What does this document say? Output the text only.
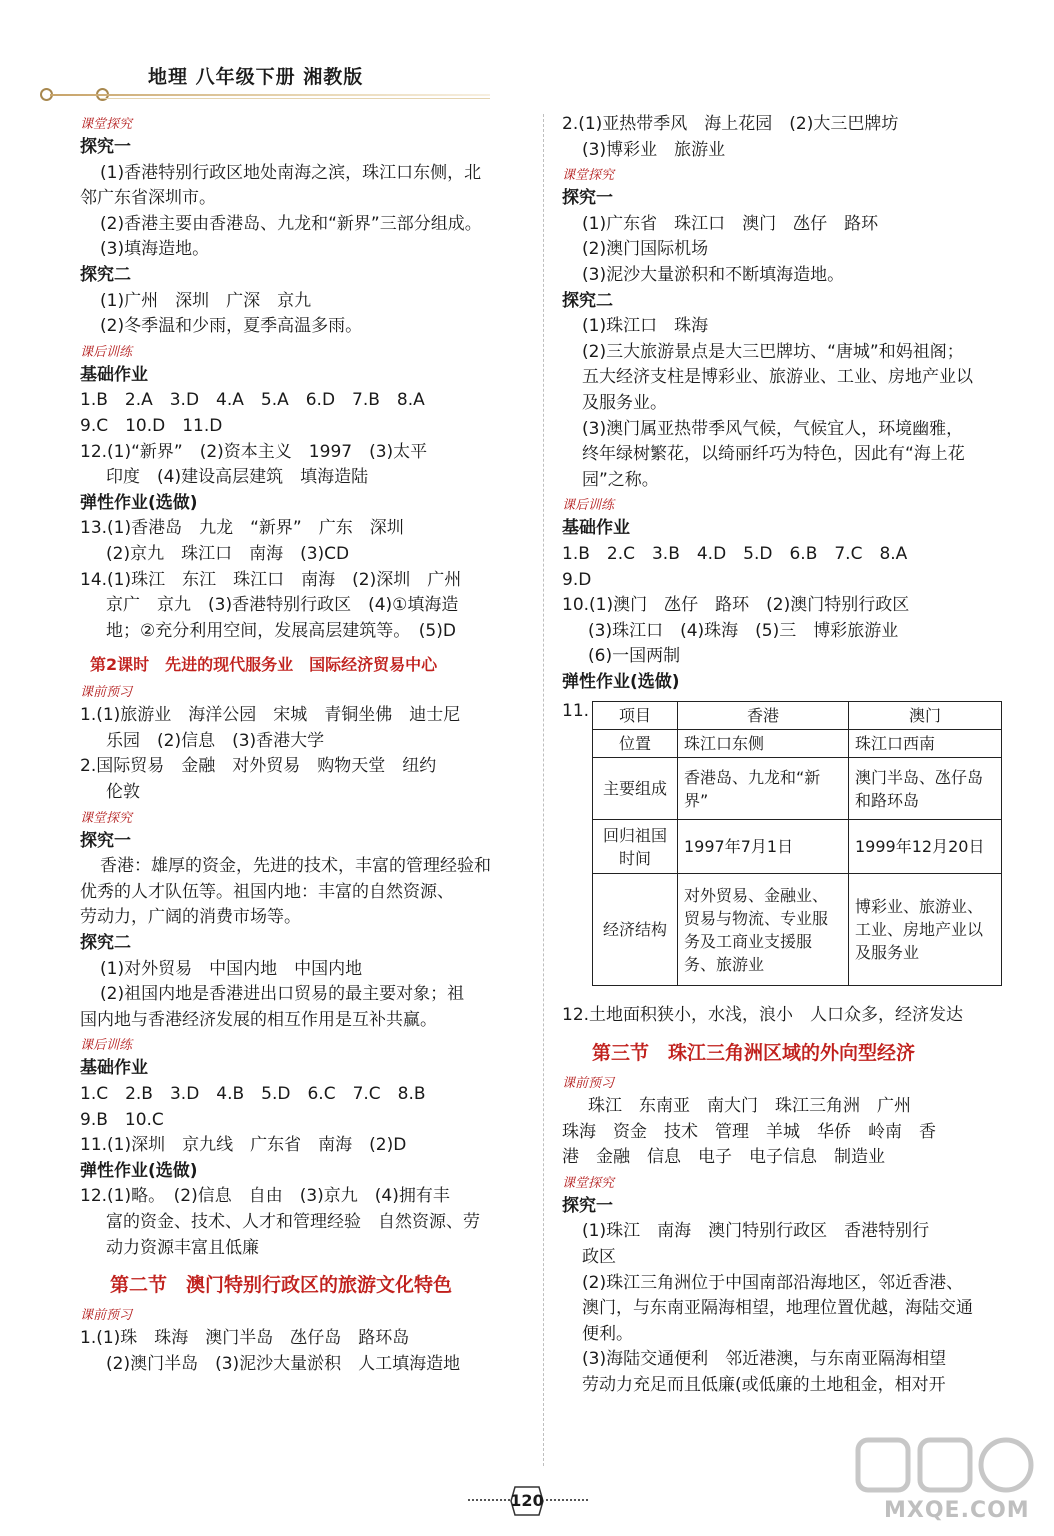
地理 八年级下册 湘教版
课堂探究
探究一
(1)香港特别行政区地处南海之滨，珠江口东侧，北
邻广东省深圳市。
(2)香港主要由香港岛、九龙和“新界”三部分组成。
(3)填海造地。
探究二
(1)广州　深圳　广深　京九
(2)冬季温和少雨，夏季高温多雨。
课后训练
基础作业
1.B　2.A　3.D　4.A　5.A　6.D　7.B　8.A
9.C　10.D　11.D
12.(1)“新界”　(2)资本主义　1997　(3)太平
印度　(4)建设高层建筑　填海造陆
弹性作业(选做)
13.(1)香港岛　九龙　“新界”　广东　深圳
(2)京九　珠江口　南海　(3)CD
14.(1)珠江　东江　珠江口　南海　(2)深圳　广州
京广　京九　(3)香港特别行政区　(4)①填海造
地；②充分利用空间，发展高层建筑等。　(5)D
第2课时　先进的现代服务业　国际经济贸易中心
课前预习
1.(1)旅游业　海洋公园　宋城　青铜坐佛　迪士尼
乐园　(2)信息　(3)香港大学
2.国际贸易　金融　对外贸易　购物天堂　纽约
伦敦
课堂探究
探究一
香港：雄厚的资金，先进的技术，丰富的管理经验和
优秀的人才队伍等。祖国内地：丰富的自然资源、
劳动力，广阔的消费市场等。
探究二
(1)对外贸易　中国内地　中国内地
(2)祖国内地是香港进出口贸易的最主要对象；祖
国内地与香港经济发展的相互作用是互补共赢。
课后训练
基础作业
1.C　2.B　3.D　4.B　5.D　6.C　7.C　8.B
9.B　10.C
11.(1)深圳　京九线　广东省　南海　(2)D
弹性作业(选做)
12.(1)略。　(2)信息　自由　(3)京九　(4)拥有丰
富的资金、技术、人才和管理经验　自然资源、劳
动力资源丰富且低廉
第二节　澳门特别行政区的旅游文化特色
课前预习
1.(1)珠　珠海　澳门半岛　氹仔岛　路环岛
(2)澳门半岛　(3)泥沙大量淤积　人工填海造地
2.(1)亚热带季风　海上花园　(2)大三巴牌坊
(3)博彩业　旅游业
课堂探究
探究一
(1)广东省　珠江口　澳门　氹仔　路环
(2)澳门国际机场
(3)泥沙大量淤积和不断填海造地。
探究二
(1)珠江口　珠海
(2)三大旅游景点是大三巴牌坊、“唐城”和妈祖阁；
五大经济支柱是博彩业、旅游业、工业、房地产业以
及服务业。
(3)澳门属亚热带季风气候，气候宜人，环境幽雅，
终年绿树繁花，以绮丽纤巧为特色，因此有“海上花
园”之称。
课后训练
基础作业
1.B　2.C　3.B　4.D　5.D　6.B　7.C　8.A
9.D
10.(1)澳门　氹仔　路环　(2)澳门特别行政区
(3)珠江口　(4)珠海　(5)三　博彩旅游业
(6)一国两制
弹性作业(选做)
11. 项目	香港	澳门
位置	珠江口东侧	珠江口西南
主要组成	香港岛、九龙和“新界”	澳门半岛、氹仔岛和路环岛
回归祖国时间	1997年7月1日	1999年12月20日
经济结构	对外贸易、金融业、贸易与物流、专业服务及工商业支援服务、旅游业	博彩业、旅游业、工业、房地产业以及服务业
12.土地面积狭小，水浅，浪小　人口众多，经济发达
第三节　珠江三角洲区域的外向型经济
课前预习
珠江　东南亚　南大门　珠江三角洲　广州
珠海　资金　技术　管理　羊城　华侨　岭南　香
港　金融　信息　电子　电子信息　制造业
课堂探究
探究一
(1)珠江　南海　澳门特别行政区　香港特别行
政区
(2)珠江三角洲位于中国南部沿海地区，邻近香港、
澳门，与东南亚隔海相望，地理位置优越，海陆交通
便利。
(3)海陆交通便利　邻近港澳，与东南亚隔海相望
劳动力充足而且低廉(或低廉的土地租金，相对开
120	MXQE.COM
